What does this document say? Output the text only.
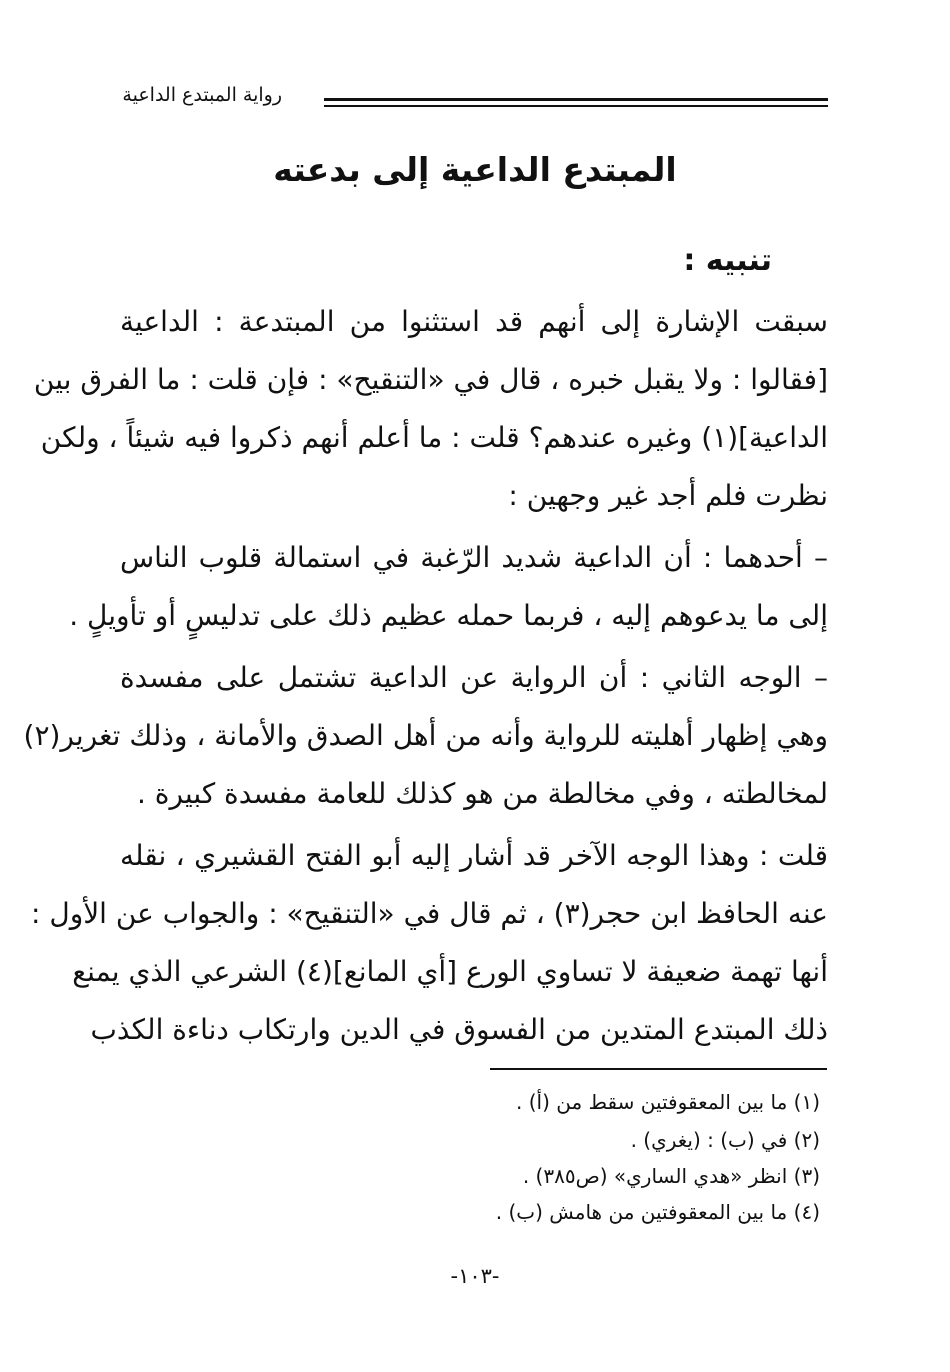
رواية المبتدع الداعية
المبتدع الداعية إلى بدعته
تنبيه :
سبقت الإشارة إلى أنهم قد استثنوا من المبتدعة : الداعية
[فقالوا : ولا يقبل خبره ، قال في «التنقيح» : فإن قلت : ما الفرق بين
الداعية](١) وغيره عندهم؟ قلت : ما أعلم أنهم ذكروا فيه شيئاً ، ولكن
نظرت فلم أجد غير وجهين :
– أحدهما : أن الداعية شديد الرّغبة في استمالة قلوب الناس
إلى ما يدعوهم إليه ، فربما حمله عظيم ذلك على تدليسٍ أو تأويلٍ .
– الوجه الثاني : أن الرواية عن الداعية تشتمل على مفسدة
وهي إظهار أهليته للرواية وأنه من أهل الصدق والأمانة ، وذلك تغرير(٢)
لمخالطته ، وفي مخالطة من هو كذلك للعامة مفسدة كبيرة .
قلت : وهذا الوجه الآخر قد أشار إليه أبو الفتح القشيري ، نقله
عنه الحافظ ابن حجر(٣) ، ثم قال في «التنقيح» : والجواب عن الأول :
أنها تهمة ضعيفة لا تساوي الورع [أي المانع](٤) الشرعي الذي يمنع
ذلك المبتدع المتدين من الفسوق في الدين وارتكاب دناءة الكذب
(١) ما بين المعقوفتين سقط من (أ) .
(٢) في (ب) : (يغري) .
(٣) انظر «هدي الساري» (ص٣٨٥) .
(٤) ما بين المعقوفتين من هامش (ب) .
-١٠٣-
